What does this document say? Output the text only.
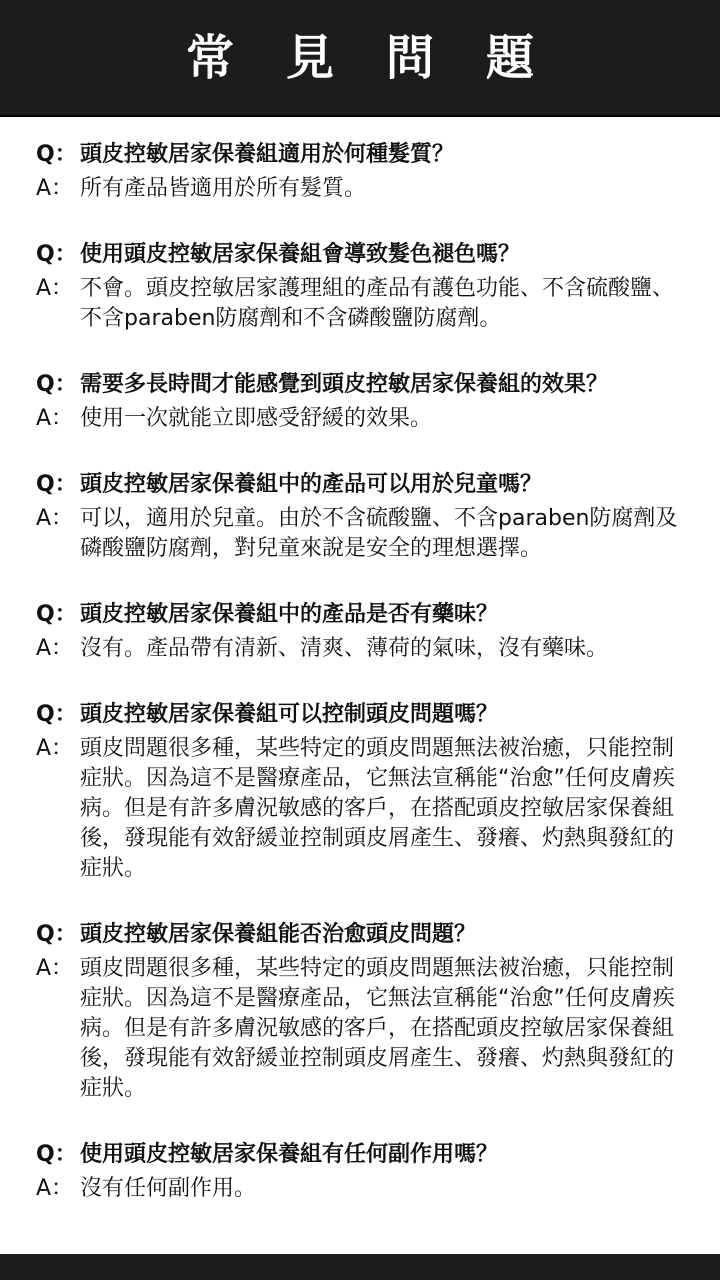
常見問題
Q： 頭皮控敏居家保養組適用於何種髮質？
A： 所有產品皆適用於所有髮質。
Q： 使用頭皮控敏居家保養組會導致髮色褪色嗎？
A： 不會。頭皮控敏居家護理組的產品有護色功能、不含硫酸鹽、不含paraben防腐劑和不含磷酸鹽防腐劑。
Q： 需要多長時間才能感覺到頭皮控敏居家保養組的效果？
A： 使用一次就能立即感受舒緩的效果。
Q： 頭皮控敏居家保養組中的產品可以用於兒童嗎？
A： 可以，適用於兒童。由於不含硫酸鹽、不含paraben防腐劑及磷酸鹽防腐劑，對兒童來說是安全的理想選擇。
Q： 頭皮控敏居家保養組中的產品是否有藥味？
A： 沒有。產品帶有清新、清爽、薄荷的氣味，沒有藥味。
Q： 頭皮控敏居家保養組可以控制頭皮問題嗎？
A： 頭皮問題很多種，某些特定的頭皮問題無法被治癒，只能控制症狀。因為這不是醫療產品，它無法宣稱能“治愈”任何皮膚疾病。但是有許多膚況敏感的客戶，在搭配頭皮控敏居家保養組後，發現能有效舒緩並控制頭皮屑產生、發癢、灼熱與發紅的症狀。
Q： 頭皮控敏居家保養組能否治愈頭皮問題？
A： 頭皮問題很多種，某些特定的頭皮問題無法被治癒，只能控制症狀。因為這不是醫療產品，它無法宣稱能“治愈”任何皮膚疾病。但是有許多膚況敏感的客戶，在搭配頭皮控敏居家保養組後，發現能有效舒緩並控制頭皮屑產生、發癢、灼熱與發紅的症狀。
Q： 使用頭皮控敏居家保養組有任何副作用嗎？
A： 沒有任何副作用。
